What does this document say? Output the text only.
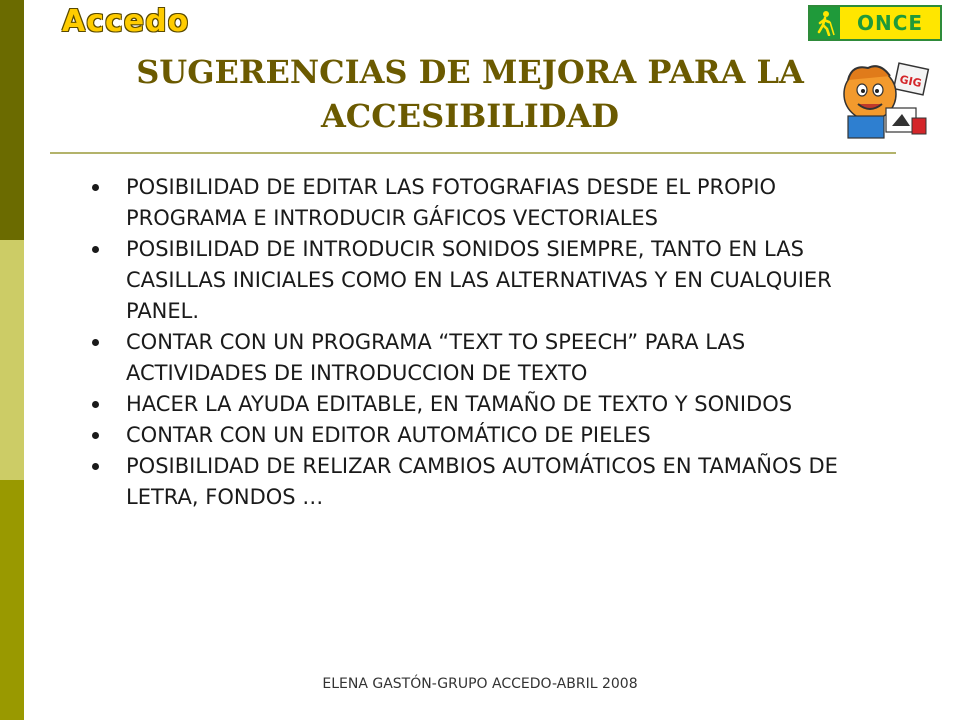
Accedo	ONCE
SUGERENCIAS DE MEJORA PARA LA
ACCESIBILIDAD
GIG
POSIBILIDAD DE EDITAR LAS FOTOGRAFIAS DESDE EL PROPIO PROGRAMA E INTRODUCIR GÁFICOS VECTORIALES
POSIBILIDAD DE INTRODUCIR SONIDOS SIEMPRE, TANTO EN LAS CASILLAS INICIALES COMO EN LAS ALTERNATIVAS Y EN CUALQUIER PANEL.
CONTAR CON UN PROGRAMA “TEXT TO SPEECH” PARA LAS ACTIVIDADES DE INTRODUCCION DE TEXTO
HACER LA AYUDA EDITABLE, EN TAMAÑO DE TEXTO Y SONIDOS
CONTAR CON UN EDITOR AUTOMÁTICO DE PIELES
POSIBILIDAD DE RELIZAR CAMBIOS AUTOMÁTICOS EN TAMAÑOS DE LETRA, FONDOS …
ELENA GASTÓN-GRUPO ACCEDO-ABRIL 2008
